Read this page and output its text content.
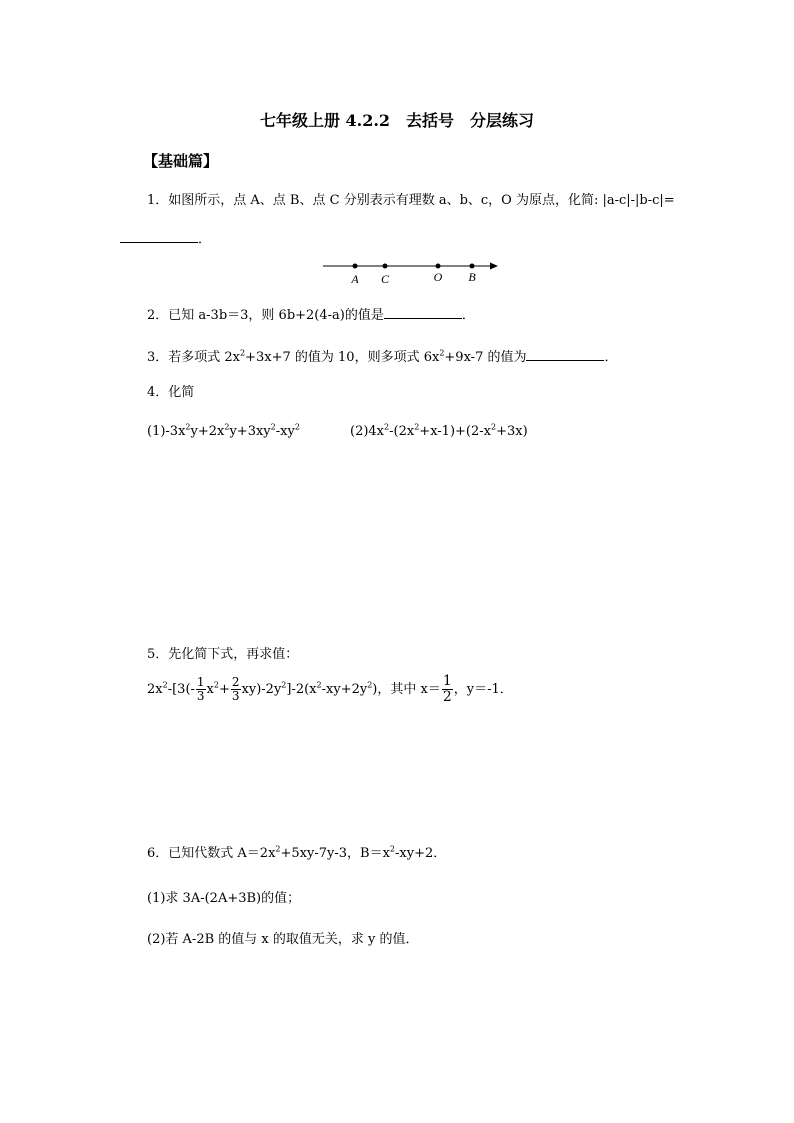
七年级上册 4.2.2　去括号　分层练习
【基础篇】
1．如图所示，点 A、点 B、点 C 分别表示有理数 a、b、c，O 为原点，化简: |a-c|-|b-c|=
．
A C	O B
2．已知 a-3b＝3，则 6b+2(4-a)的值是	．
3．若多项式 $2x^2+3x+7$ 的值为 10，则多项式 $6x^2+9x-7$ 的值为	．
4．化简
$(1)-3x^2y+2x^2y+3xy^2-xy^2$	$(2)4x^2-(2x^2+x-1)+(2-x^2+3x)$
5．先化简下式，再求值：
$2x^2-[3(- \frac{1}{3} x^2+ \frac{2}{3} xy)-2y^2]-2(x^2-xy+2y^2)$，其中 $x= \frac{1}{2}$ ，y＝-1．
6．已知代数式 $A=2x^2+5xy-7y-3$，$B=x^2-xy+2$．
(1)求 3A-(2A+3B)的值；
(2)若 A-2B 的值与 x 的取值无关，求 y 的值．
